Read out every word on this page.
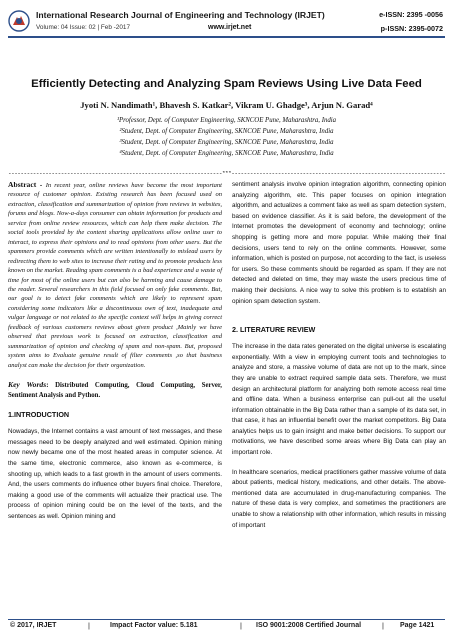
International Research Journal of Engineering and Technology (IRJET)	e-ISSN: 2395 -0056
Volume: 04 Issue: 02 | Feb -2017	www.irjet.net	p-ISSN: 2395-0072
Efficiently Detecting and Analyzing Spam Reviews Using Live Data Feed
Jyoti N. Nandimath¹, Bhavesh S. Katkar², Vikram U. Ghadge³, Arjun N. Garad⁴
¹Professor, Dept. of Computer Engineering, SKNCOE Pune, Maharashtra, India
²Student, Dept. of Computer Engineering, SKNCOE Pune, Maharashtra, India
³Student, Dept. of Computer Engineering, SKNCOE Pune, Maharashtra, India
⁴Student, Dept. of Computer Engineering, SKNCOE Pune, Maharashtra, India
---------------------------------------------------------------------***---------------------------------------------------------------------

Abstract - In recent year, online reviews have become the most important resource of customer opinion. Existing research has been focused used on extraction, classification and summarization of opinion from reviews in websites, forums and blogs. Now-a-days consumer can obtain information for products and service from online review resources, which can help them make decision. The social tools provided by the content sharing applications allow online user to interact, to express their opinions and to read opinions from other users. But the spammers provide comments which are written intentionally to mislead users by redirecting them to web sites to increase their rating and to promote products less known on the market. Reading spam comments is a bad experience and a waste of time for most of the online users but can also be harming and cause damage to the reader. Several researchers in this field focused on only fake comments. But, our goal is to detect fake comments which are likely to represent spam considering some indicators like a discontinuous own of text, inadequate and vulgar language or not related to the specific context will helps in giving correct feedback of various customers reviews about given product ,Mainly we have observed that previous work is focused on extraction, classification and summarization of opinion and checking of spam and non-spam. But, proposed system aims to Evaluate genuine result of filter comments ,so that business analyst can make the decision for their organization.

Key Words: Distributed Computing, Cloud Computing, Server, Sentiment Analysis and Python.

1.INTRODUCTION

Nowadays, the Internet contains a vast amount of text messages, and these messages need to be deeply analyzed and well estimated. Opinion mining now newly became one of the most heated areas in computer science. At the same time, electronic commerce, also known as e-commerce, is shooting up, which leads to a fast growth in the amount of users comments. And, the users comments do influence other buyers final choice. Therefore, making a good use of the comments will actualize their practical use. The process of opinion mining could be on the level of the texts, and the sentences as well. Opinion mining and

sentiment analysis involve opinion integration algorithm, connecting opinion analyzing algorithm, etc. This paper focuses on opinion integration algorithm, and actualizes a comment fake as well as spam detection system, based on evidence classifier. As it is said before, the development of the Internet promotes the development of economy and technology; online shopping is getting more and more popular. While making their final decisions, users tend to rely on the online comments. However, some information, which is posted on purpose, not according to the fact, is useless for users. So these comments should be regarded as spam. If they are not detected and deleted on time, they may waste the users precious time of making their decisions. A nice way to solve this problem is to establish an opinion spam detection system.

2. LITERATURE REVIEW

The increase in the data rates generated on the digital universe is escalating exponentially. With a view in employing current tools and technologies to analyze and store, a massive volume of data are not up to the mark, since they are unable to extract required sample data sets. Therefore, we must design an architectural platform for analyzing both remote access real time and offline data. When a business enterprise can pull-out all the useful information obtainable in the Big Data rather than a sample of its data set, in that case, it has an influential benefit over the market competitors. Big Data analytics helps us to gain insight and make better decisions. To support our motivations, we have described some areas where Big Data can play an important role.

In healthcare scenarios, medical practitioners gather massive volume of data about patients, medical history, medications, and other details. The above-mentioned data are accumulated in drug-manufacturing companies. The nature of these data is very complex, and sometimes the practitioners are unable to show a relationship with other information, which results in missing of important

© 2017, IRJET	|	Impact Factor value: 5.181	| ISO 9001:2008 Certified Journal	| Page 1421
